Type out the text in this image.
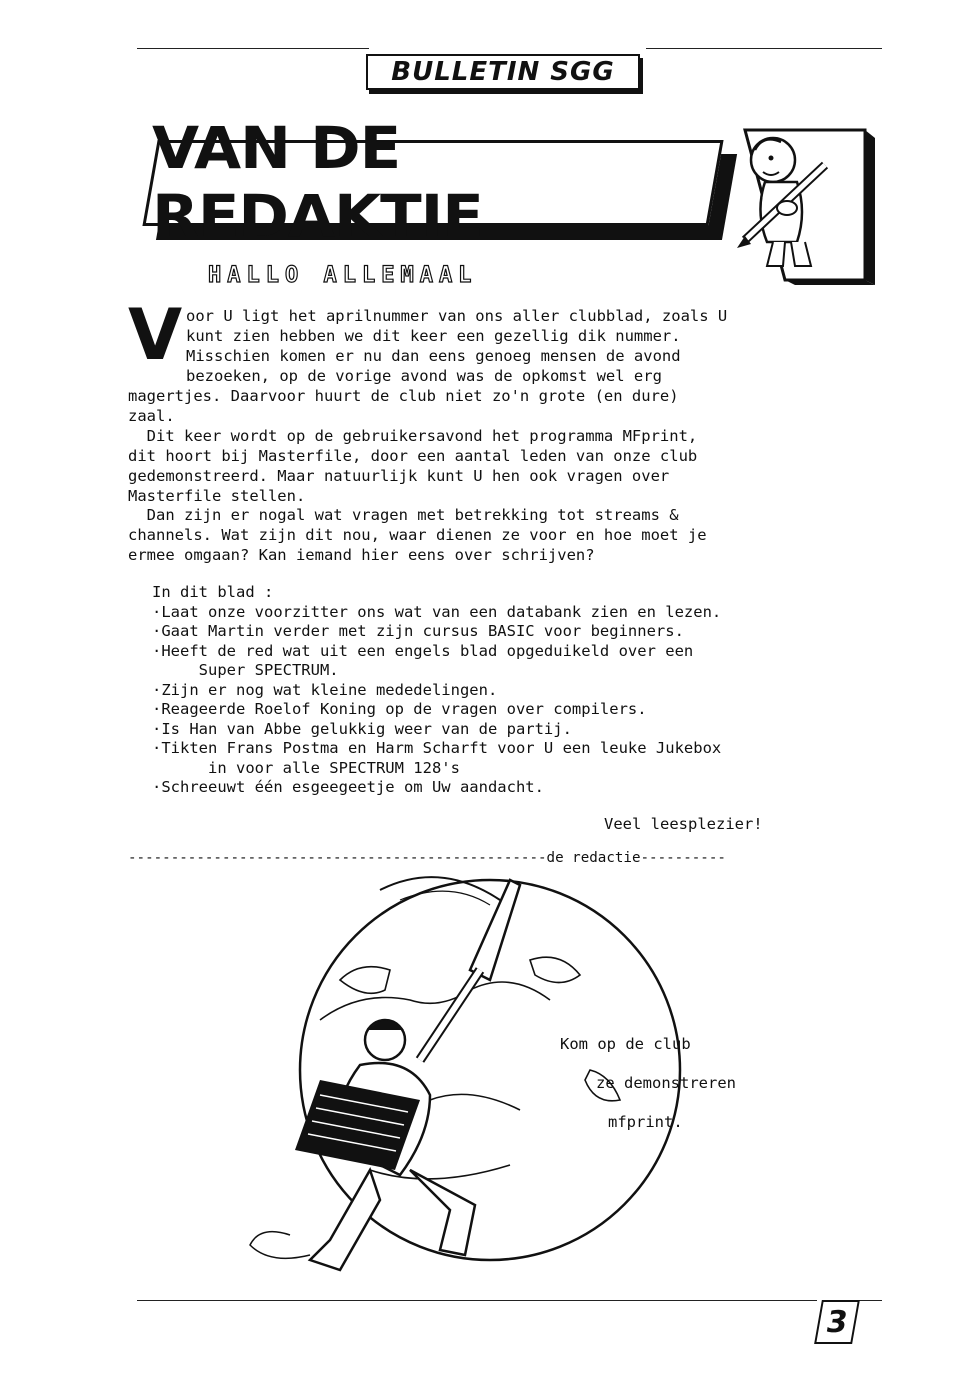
BULLETIN SGG
VAN DE REDAKTIE
HALLO ALLEMAAL
V oor U ligt het aprilnummer van ons aller clubblad, zoals U
kunt zien hebben we dit keer een gezellig dik nummer.
Misschien komen er nu dan eens genoeg mensen de avond
bezoeken, op de vorige avond was de opkomst wel erg
magertjes. Daarvoor huurt de club niet zo'n grote (en dure)
zaal.
Dit keer wordt op de gebruikersavond het programma MFprint,
dit hoort bij Masterfile, door een aantal leden van onze club
gedemonstreerd. Maar natuurlijk kunt U hen ook vragen over
Masterfile stellen.
Dan zijn er nogal wat vragen met betrekking tot streams &
channels. Wat zijn dit nou, waar dienen ze voor en hoe moet je
ermee omgaan? Kan iemand hier eens over schrijven?
In dit blad :
·Laat onze voorzitter ons wat van een databank zien en lezen.
·Gaat Martin verder met zijn cursus BASIC voor beginners.
·Heeft de red wat uit een engels blad opgeduikeld over een
Super SPECTRUM.
·Zijn er nog wat kleine mededelingen.
·Reageerde Roelof Koning op de vragen over compilers.
·Is Han van Abbe gelukkig weer van de partij.
·Tikten Frans Postma en Harm Scharft voor U een leuke Jukebox
in voor alle SPECTRUM 128's
·Schreeuwt één esgeegeetje om Uw aandacht.
Veel leesplezier!
-------------------------------------------------de redactie----------
Kom op de club
ze demonstreren
mfprint.
3
